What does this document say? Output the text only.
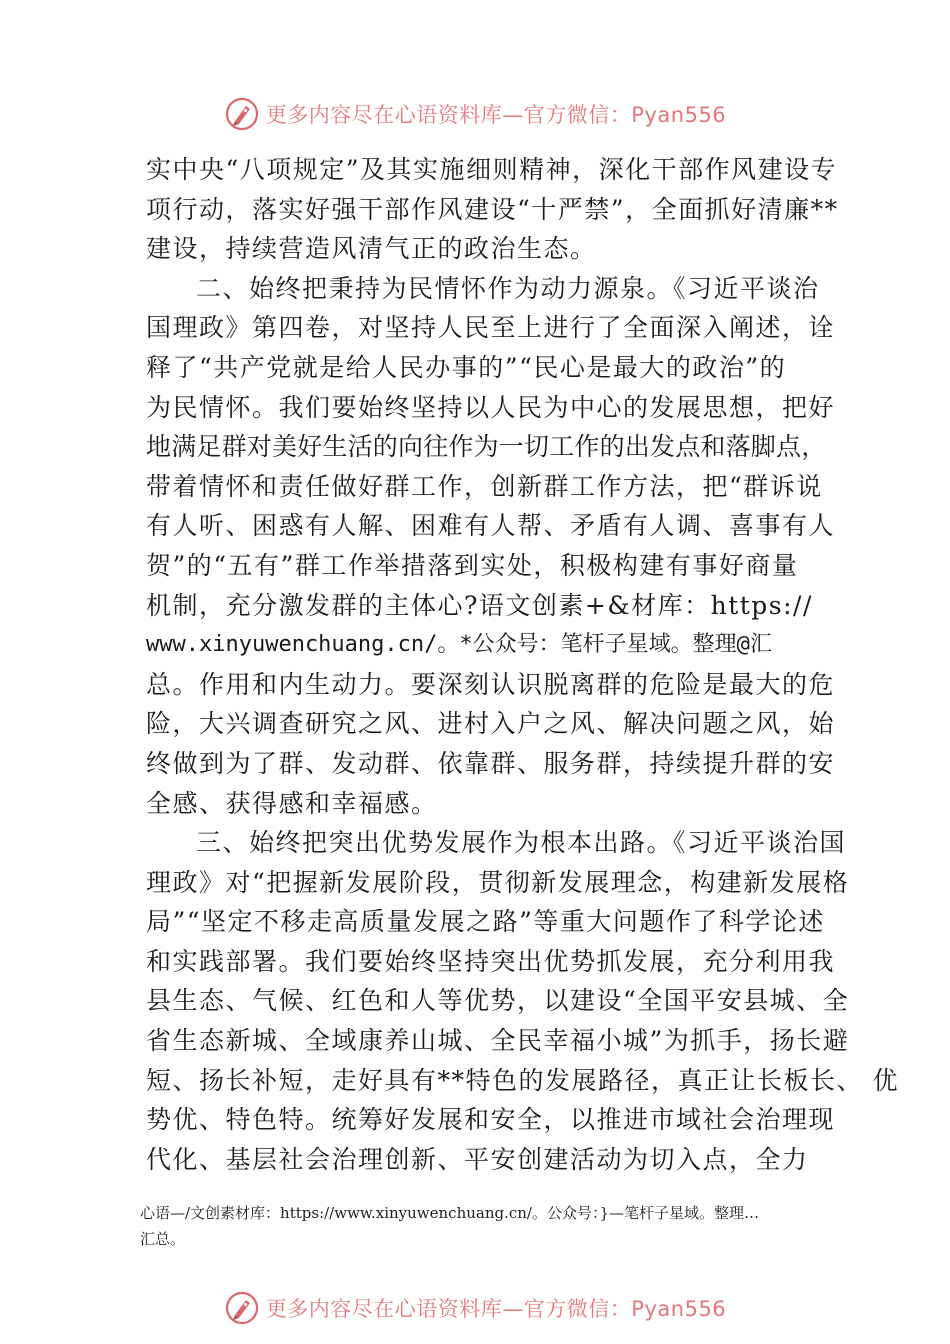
更多内容尽在心语资料库—官方微信：Pyan556
实中央“八项规定”及其实施细则精神，深化干部作风建设专
项行动，落实好强干部作风建设“十严禁”，全面抓好清廉**
建设，持续营造风清气正的政治生态。
二、始终把秉持为民情怀作为动力源泉。《习近平谈治
国理政》第四卷，对坚持人民至上进行了全面深入阐述，诠
释了“共产党就是给人民办事的”“民心是最大的政治”的
为民情怀。我们要始终坚持以人民为中心的发展思想，把好
地满足群对美好生活的向往作为一切工作的出发点和落脚点，
带着情怀和责任做好群工作，创新群工作方法，把“群诉说
有人听、困惑有人解、困难有人帮、矛盾有人调、喜事有人
贺”的“五有”群工作举措落到实处，积极构建有事好商量
机制，充分激发群的主体心?语文创素+&材库：https://
www.xinyuwenchuang.cn/。*公众号：笔杆子星域。整理@汇
总。作用和内生动力。要深刻认识脱离群的危险是最大的危
险，大兴调查研究之风、进村入户之风、解决问题之风，始
终做到为了群、发动群、依靠群、服务群，持续提升群的安
全感、获得感和幸福感。
三、始终把突出优势发展作为根本出路。《习近平谈治国
理政》对“把握新发展阶段，贯彻新发展理念，构建新发展格
局”“坚定不移走高质量发展之路”等重大问题作了科学论述
和实践部署。我们要始终坚持突出优势抓发展，充分利用我
县生态、气候、红色和人等优势，以建设“全国平安县城、全
省生态新城、全域康养山城、全民幸福小城”为抓手，扬长避
短、扬长补短，走好具有**特色的发展路径，真正让长板长、 优
势优、特色特。统筹好发展和安全，以推进市域社会治理现
代化、基层社会治理创新、平安创建活动为切入点，全力
心语—/文创素材库：https://www.xinyuwenchuang.cn/。公众号：}—笔杆子星域。整理…
汇总。
更多内容尽在心语资料库—官方微信：Pyan556
